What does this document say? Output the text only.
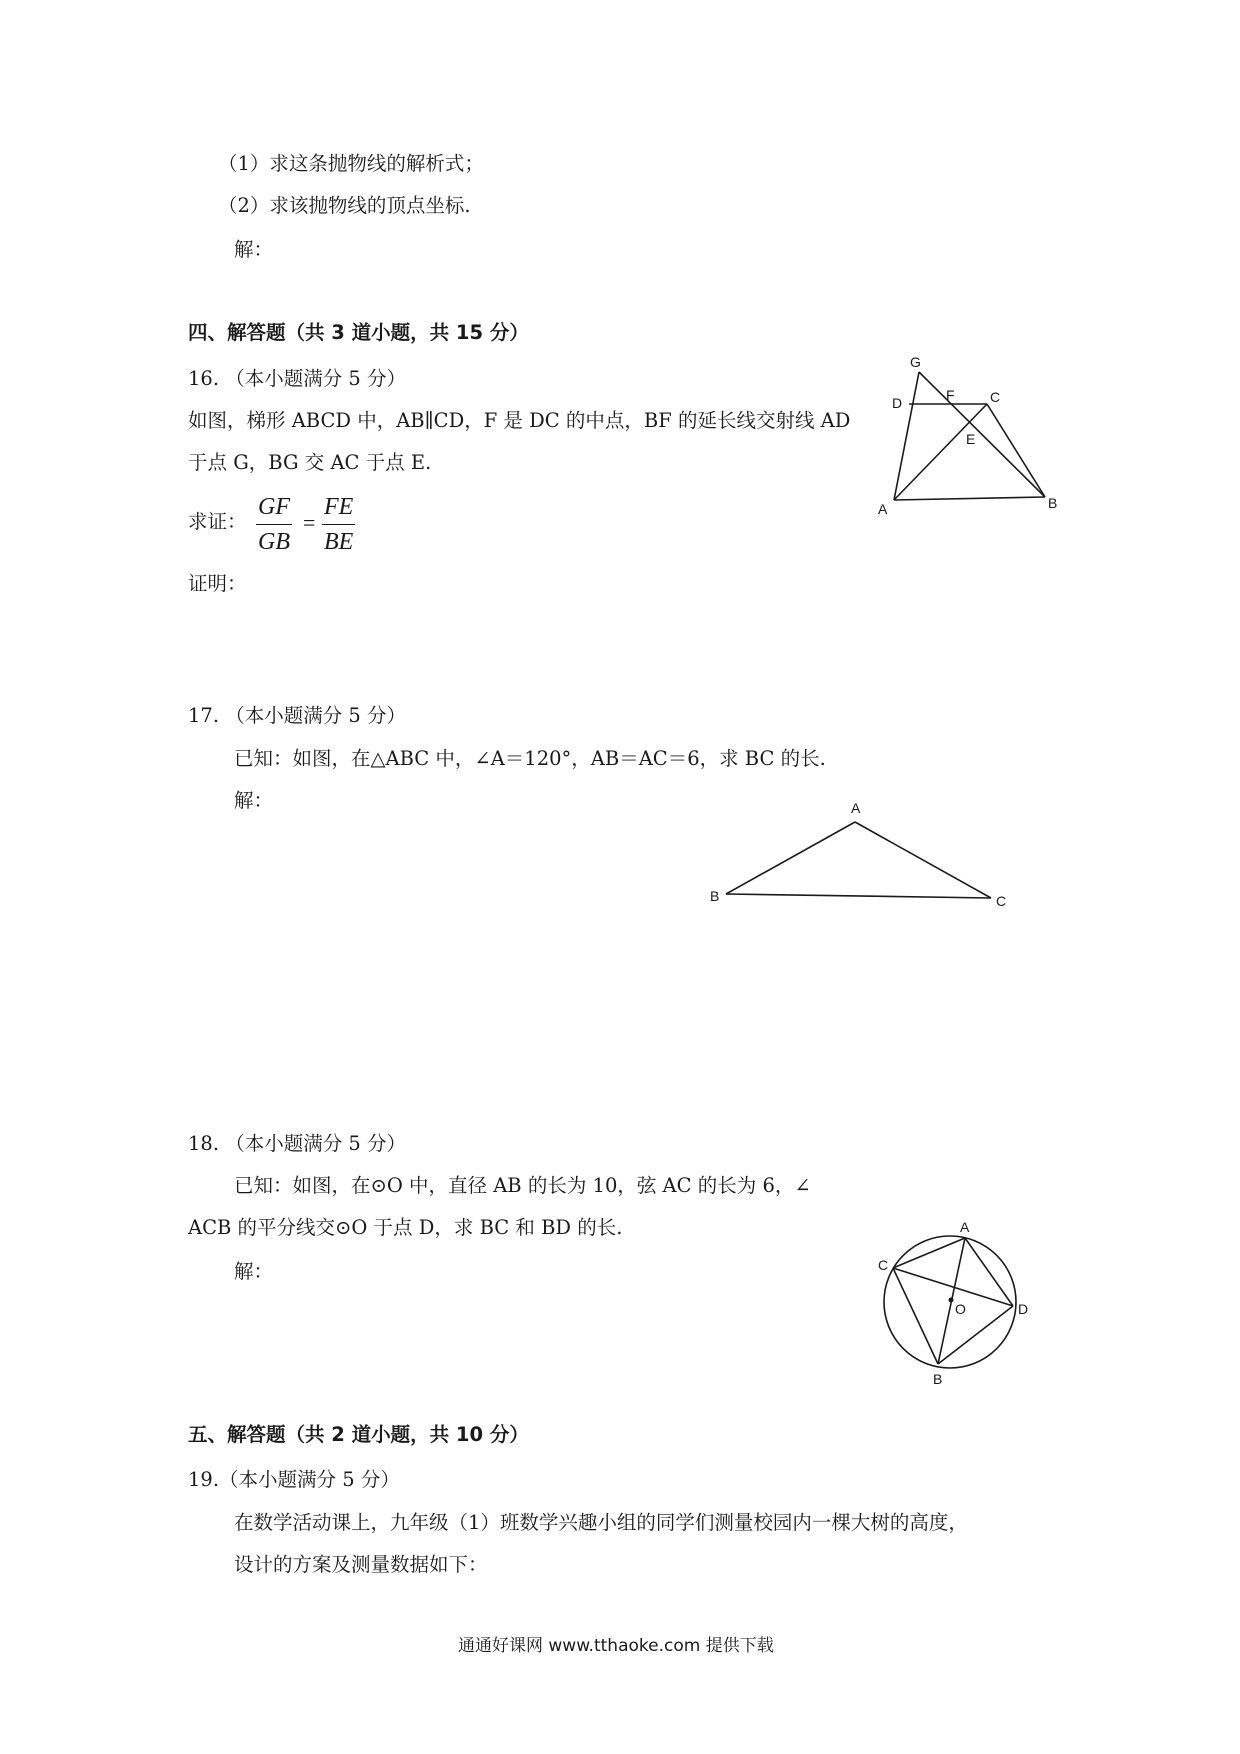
（1）求这条抛物线的解析式；
（2）求该抛物线的顶点坐标.
解：
四、解答题（共 3 道小题，共 15 分）
16. （本小题满分 5 分）
如图，梯形 ABCD 中，AB∥CD，F 是 DC 的中点，BF 的延长线交射线 AD
于点 G，BG 交 AC 于点 E.
求证： $\frac{GF}{GB} = \frac{FE}{BE}$
证明：
G
D	F	C
E
A	B
17. （本小题满分 5 分）
已知：如图，在△ABC 中，∠A＝120°，AB＝AC＝6，求 BC 的长.
解：	A
B	C
18. （本小题满分 5 分）
已知：如图，在⊙O 中，直径 AB 的长为 10，弦 AC 的长为 6，∠
ACB 的平分线交⊙O 于点 D，求 BC 和 BD 的长.
解：
A
C
O	D
B
五、解答题（共 2 道小题，共 10 分）
19.（本小题满分 5 分）
在数学活动课上，九年级（1）班数学兴趣小组的同学们测量校园内一棵大树的高度，
设计的方案及测量数据如下：
通通好课网 www.tthaoke.com 提供下载
